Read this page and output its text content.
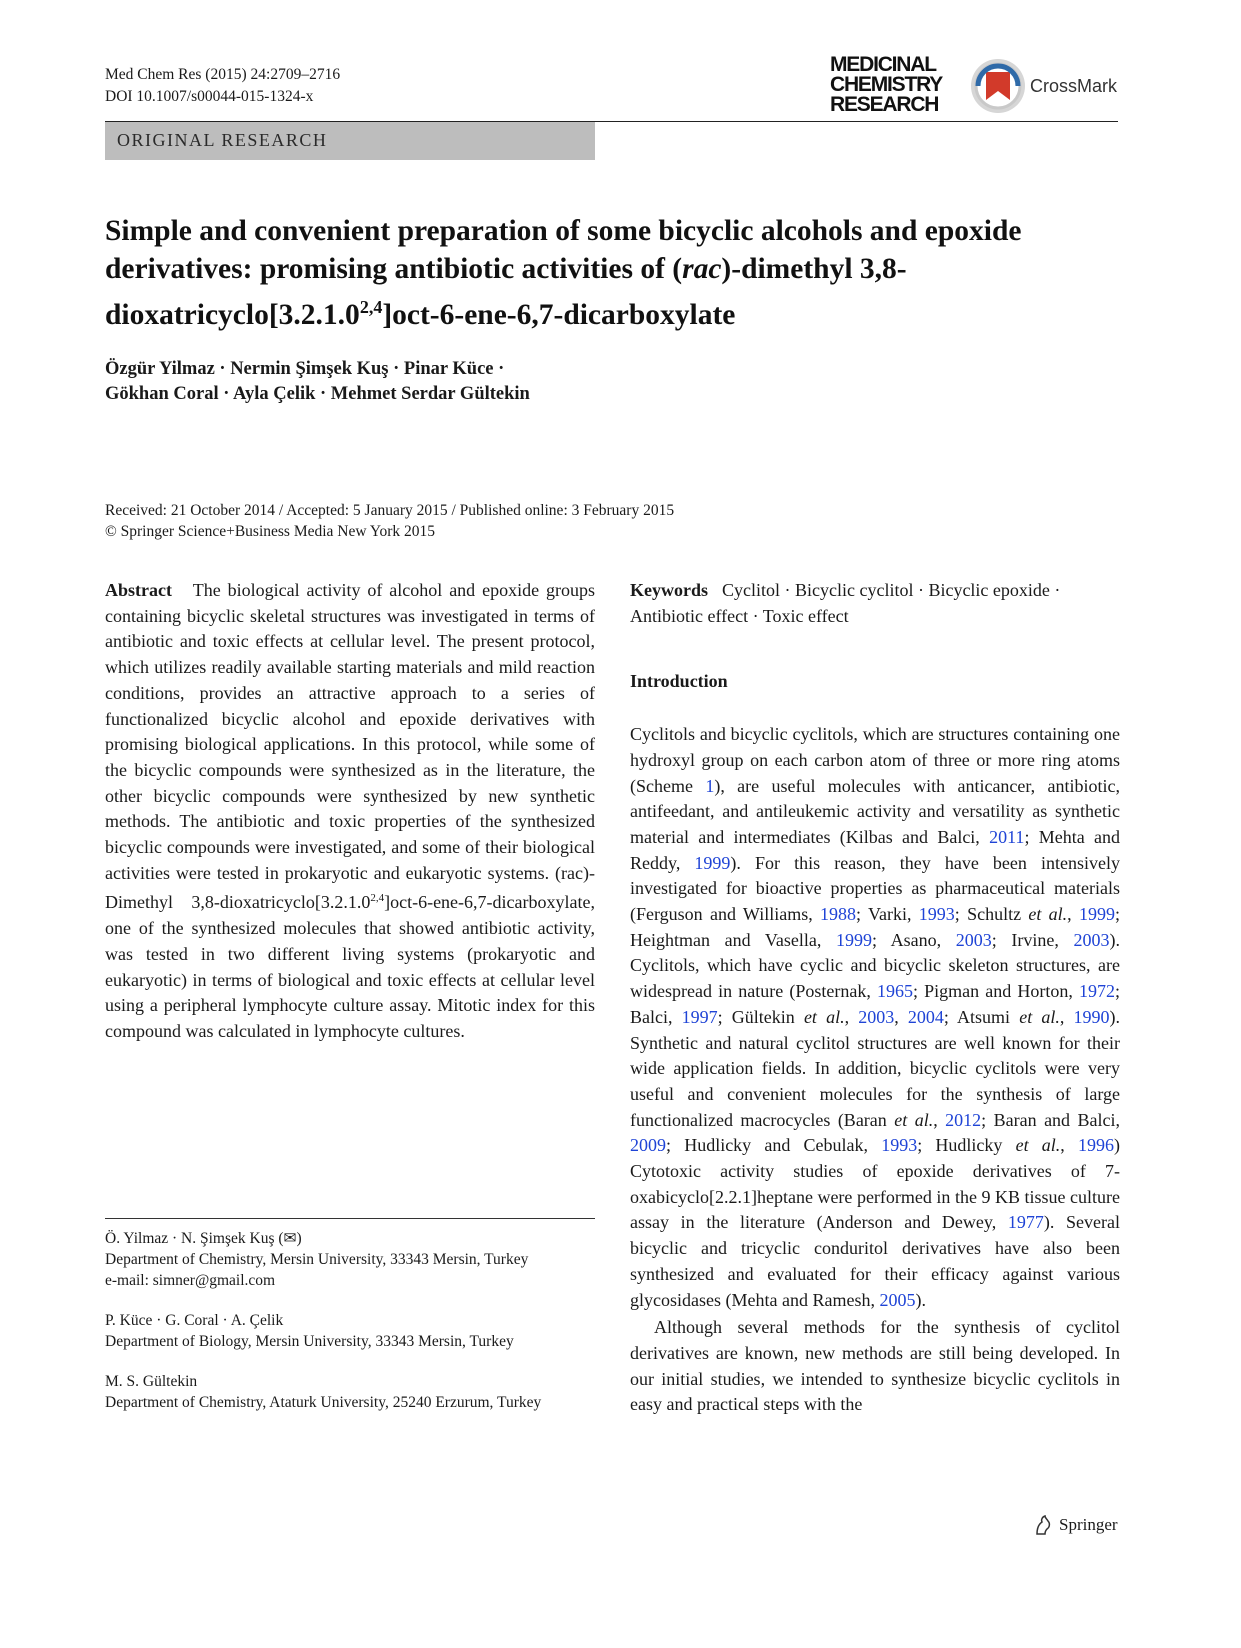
Med Chem Res (2015) 24:2709–2716
DOI 10.1007/s00044-015-1324-x
MEDICINAL
CHEMISTRY
RESEARCH
CrossMark
ORIGINAL RESEARCH
Simple and convenient preparation of some bicyclic alcohols and epoxide derivatives: promising antibiotic activities of (rac)-dimethyl 3,8-dioxatricyclo[3.2.1.0$^{2,4}$]oct-6-ene-6,7-dicarboxylate
Özgür Yilmaz · Nermin Şimşek Kuş · Pinar Küce ·
Gökhan Coral · Ayla Çelik · Mehmet Serdar Gültekin
Received: 21 October 2014 / Accepted: 5 January 2015 / Published online: 3 February 2015
© Springer Science+Business Media New York 2015

Abstract The biological activity of alcohol and epoxide groups containing bicyclic skeletal structures was investigated in terms of antibiotic and toxic effects at cellular level. The present protocol, which utilizes readily available starting materials and mild reaction conditions, provides an attractive approach to a series of functionalized bicyclic alcohol and epoxide derivatives with promising biological applications. In this protocol, while some of the bicyclic compounds were synthesized as in the literature, the other bicyclic compounds were synthesized by new synthetic methods. The antibiotic and toxic properties of the synthesized bicyclic compounds were investigated, and some of their biological activities were tested in prokaryotic and eukaryotic systems. (rac)-Dimethyl 3,8-dioxatricyclo[3.2.1.0$^{2,4}$]oct-6-ene-6,7-dicarboxylate, one of the synthesized molecules that showed antibiotic activity, was tested in two different living systems (prokaryotic and eukaryotic) in terms of biological and toxic effects at cellular level using a peripheral lymphocyte culture assay. Mitotic index for this compound was calculated in lymphocyte cultures.

Ö. Yilmaz · N. Şimşek Kuş (✉)
Department of Chemistry, Mersin University, 33343 Mersin, Turkey
e-mail: simner@gmail.com
P. Küce · G. Coral · A. Çelik
Department of Biology, Mersin University, 33343 Mersin, Turkey
M. S. Gültekin
Department of Chemistry, Ataturk University, 25240 Erzurum, Turkey

Keywords Cyclitol · Bicyclic cyclitol · Bicyclic epoxide · Antibiotic effect · Toxic effect

Introduction

Cyclitols and bicyclic cyclitols, which are structures containing one hydroxyl group on each carbon atom of three or more ring atoms (Scheme 1), are useful molecules with anticancer, antibiotic, antifeedant, and antileukemic activity and versatility as synthetic material and intermediates (Kilbas and Balci, 2011; Mehta and Reddy, 1999). For this reason, they have been intensively investigated for bioactive properties as pharmaceutical materials (Ferguson and Williams, 1988; Varki, 1993; Schultz et al., 1999; Heightman and Vasella, 1999; Asano, 2003; Irvine, 2003). Cyclitols, which have cyclic and bicyclic skeleton structures, are widespread in nature (Posternak, 1965; Pigman and Horton, 1972; Balci, 1997; Gültekin et al., 2003, 2004; Atsumi et al., 1990). Synthetic and natural cyclitol structures are well known for their wide application fields. In addition, bicyclic cyclitols were very useful and convenient molecules for the synthesis of large functionalized macrocycles (Baran et al., 2012; Baran and Balci, 2009; Hudlicky and Cebulak, 1993; Hudlicky et al., 1996) Cytotoxic activity studies of epoxide derivatives of 7-oxabicyclo[2.2.1]heptane were performed in the 9 KB tissue culture assay in the literature (Anderson and Dewey, 1977). Several bicyclic and tricyclic conduritol derivatives have also been synthesized and evaluated for their efficacy against various glycosidases (Mehta and Ramesh, 2005).

Although several methods for the synthesis of cyclitol derivatives are known, new methods are still being developed. In our initial studies, we intended to synthesize bicyclic cyclitols in easy and practical steps with the

Springer
